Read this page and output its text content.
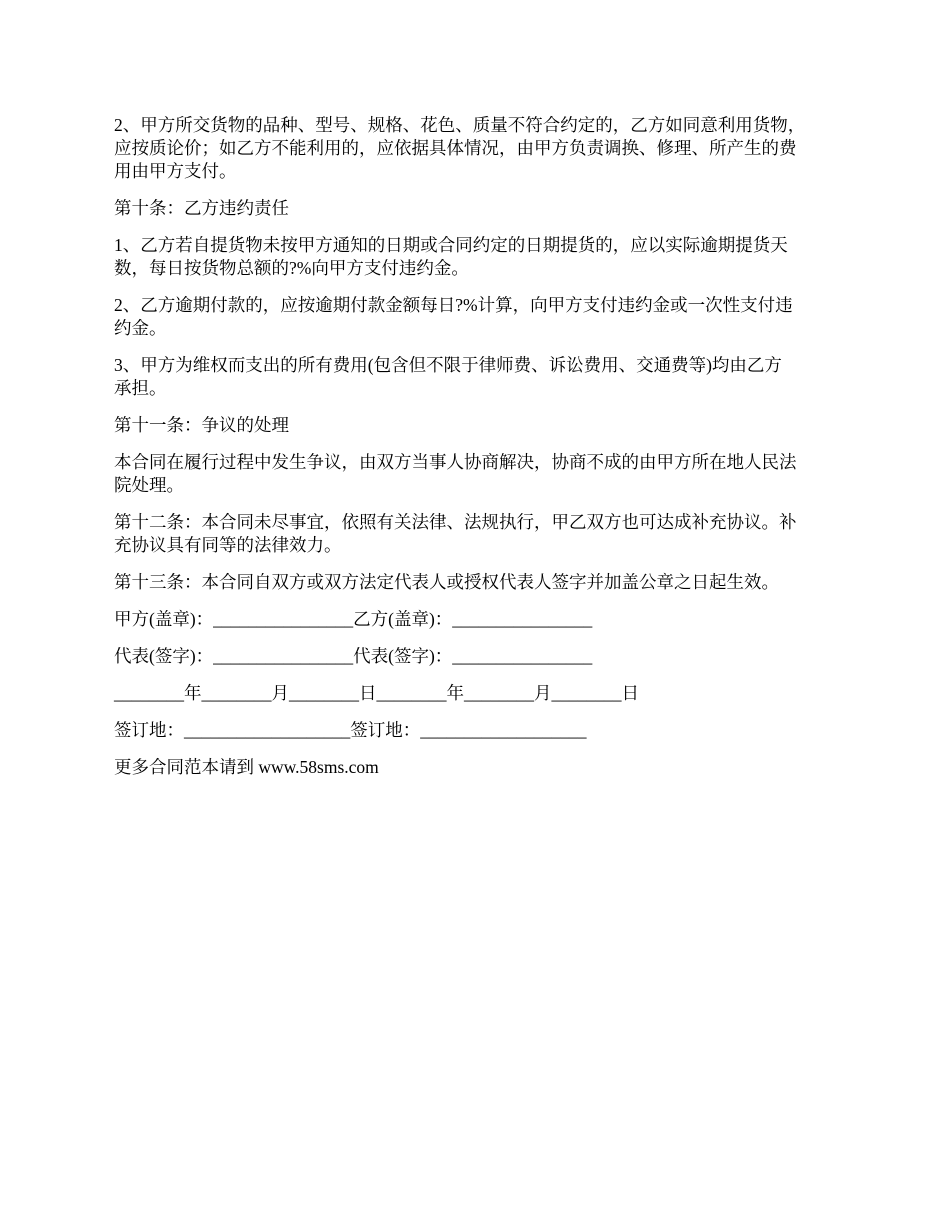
2、甲方所交货物的品种、型号、规格、花色、质量不符合约定的，乙方如同意利用货物，
应按质论价；如乙方不能利用的，应依据具体情况，由甲方负责调换、修理、所产生的费
用由甲方支付。

第十条：乙方违约责任

1、乙方若自提货物未按甲方通知的日期或合同约定的日期提货的，应以实际逾期提货天
数，每日按货物总额的?%向甲方支付违约金。

2、乙方逾期付款的，应按逾期付款金额每日?%计算，向甲方支付违约金或一次性支付违
约金。

3、甲方为维权而支出的所有费用(包含但不限于律师费、诉讼费用、交通费等)均由乙方
承担。

第十一条：争议的处理

本合同在履行过程中发生争议，由双方当事人协商解决，协商不成的由甲方所在地人民法
院处理。

第十二条：本合同未尽事宜，依照有关法律、法规执行，甲乙双方也可达成补充协议。补
充协议具有同等的法律效力。

第十三条：本合同自双方或双方法定代表人或授权代表人签字并加盖公章之日起生效。

甲方(盖章)：________________乙方(盖章)：________________

代表(签字)：________________代表(签字)：________________

________年________月________日________年________月________日

签订地：___________________签订地：___________________

更多合同范本请到 www.58sms.com
